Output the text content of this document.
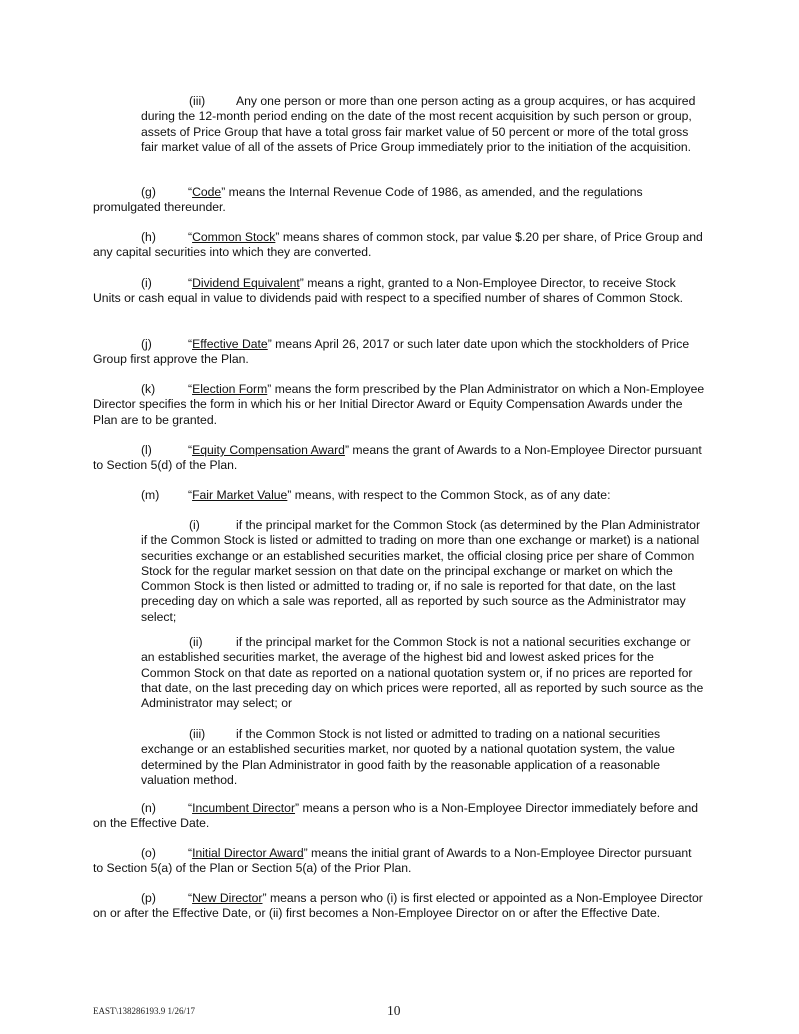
(iii)	Any one person or more than one person acting as a group acquires, or has acquired during the 12-month period ending on the date of the most recent acquisition by such person or group, assets of Price Group that have a total gross fair market value of 50 percent or more of the total gross fair market value of all of the assets of Price Group immediately prior to the initiation of the acquisition.

(g)	“Code” means the Internal Revenue Code of 1986, as amended, and the regulations promulgated thereunder.

(h)	“Common Stock” means shares of common stock, par value $.20 per share, of Price Group and any capital securities into which they are converted.

(i)	“Dividend Equivalent” means a right, granted to a Non-Employee Director, to receive Stock Units or cash equal in value to dividends paid with respect to a specified number of shares of Common Stock.

(j)	“Effective Date” means April 26, 2017 or such later date upon which the stockholders of Price Group first approve the Plan.

(k)	“Election Form” means the form prescribed by the Plan Administrator on which a Non-Employee Director specifies the form in which his or her Initial Director Award or Equity Compensation Awards under the Plan are to be granted.

(l)	“Equity Compensation Award” means the grant of Awards to a Non-Employee Director pursuant to Section 5(d) of the Plan.

(m) “Fair Market Value” means, with respect to the Common Stock, as of any date:

(i)	if the principal market for the Common Stock (as determined by the Plan Administrator if the Common Stock is listed or admitted to trading on more than one exchange or market) is a national securities exchange or an established securities market, the official closing price per share of Common Stock for the regular market session on that date on the principal exchange or market on which the Common Stock is then listed or admitted to trading or, if no sale is reported for that date, on the last preceding day on which a sale was reported, all as reported by such source as the Administrator may select;

(ii)	if the principal market for the Common Stock is not a national securities exchange or an established securities market, the average of the highest bid and lowest asked prices for the Common Stock on that date as reported on a national quotation system or, if no prices are reported for that date, on the last preceding day on which prices were reported, all as reported by such source as the Administrator may select; or

(iii)	if the Common Stock is not listed or admitted to trading on a national securities exchange or an established securities market, nor quoted by a national quotation system, the value determined by the Plan Administrator in good faith by the reasonable application of a reasonable valuation method.

(n)	“Incumbent Director” means a person who is a Non-Employee Director immediately before and on the Effective Date.

(o)	“Initial Director Award” means the initial grant of Awards to a Non-Employee Director pursuant to Section 5(a) of the Plan or Section 5(a) of the Prior Plan.

(p)	“New Director” means a person who (i) is first elected or appointed as a Non-Employee Director on or after the Effective Date, or (ii) first becomes a Non-Employee Director on or after the Effective Date.

EAST\138286193.9 1/26/17	10
